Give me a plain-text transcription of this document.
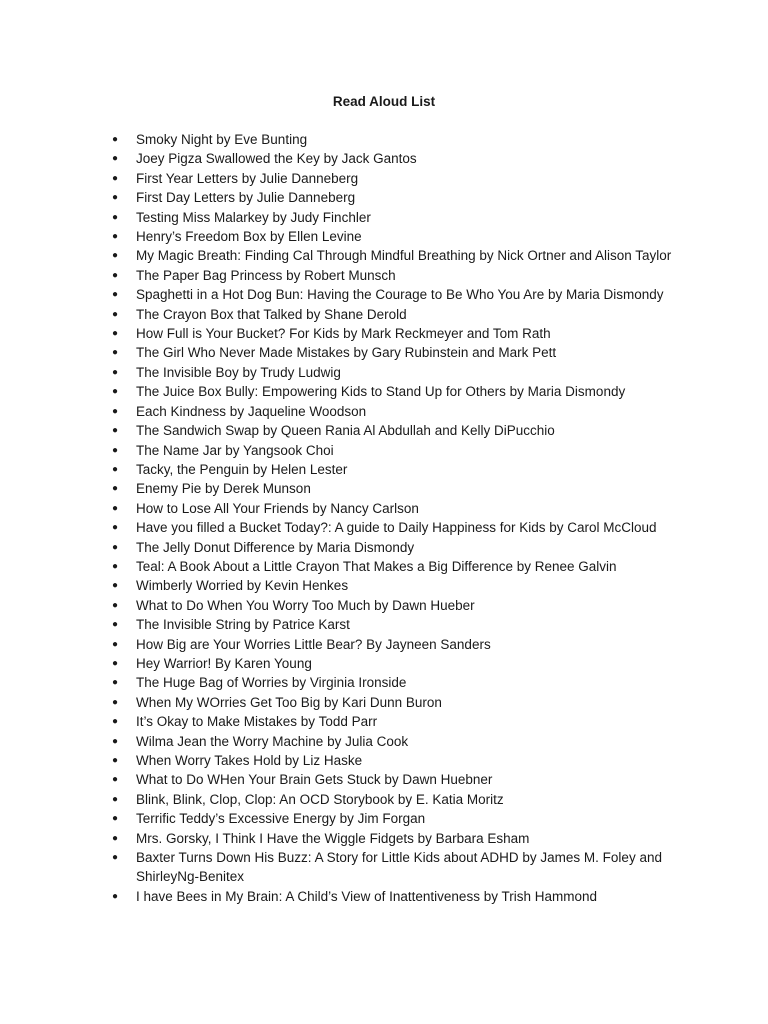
Read Aloud List
● Smoky Night by Eve Bunting
● Joey Pigza Swallowed the Key by Jack Gantos
● First Year Letters by Julie Danneberg
● First Day Letters by Julie Danneberg
● Testing Miss Malarkey by Judy Finchler
● Henry’s Freedom Box by Ellen Levine
● My Magic Breath: Finding Cal Through Mindful Breathing by Nick Ortner and Alison Taylor
● The Paper Bag Princess by Robert Munsch
● Spaghetti in a Hot Dog Bun: Having the Courage to Be Who You Are by Maria Dismondy
● The Crayon Box that Talked by Shane Derold
● How Full is Your Bucket? For Kids by Mark Reckmeyer and Tom Rath
● The Girl Who Never Made Mistakes by Gary Rubinstein and Mark Pett
● The Invisible Boy by Trudy Ludwig
● The Juice Box Bully: Empowering Kids to Stand Up for Others by Maria Dismondy
● Each Kindness by Jaqueline Woodson
● The Sandwich Swap by Queen Rania Al Abdullah and Kelly DiPucchio
● The Name Jar by Yangsook Choi
● Tacky, the Penguin by Helen Lester
● Enemy Pie by Derek Munson
● How to Lose All Your Friends by Nancy Carlson
● Have you filled a Bucket Today?: A guide to Daily Happiness for Kids by Carol McCloud
● The Jelly Donut Difference by Maria Dismondy
● Teal: A Book About a Little Crayon That Makes a Big Difference by Renee Galvin
● Wimberly Worried by Kevin Henkes
● What to Do When You Worry Too Much by Dawn Hueber
● The Invisible String by Patrice Karst
● How Big are Your Worries Little Bear? By Jayneen Sanders
● Hey Warrior! By Karen Young
● The Huge Bag of Worries by Virginia Ironside
● When My WOrries Get Too Big by Kari Dunn Buron
● It’s Okay to Make Mistakes by Todd Parr
● Wilma Jean the Worry Machine by Julia Cook
● When Worry Takes Hold by Liz Haske
● What to Do WHen Your Brain Gets Stuck by Dawn Huebner
● Blink, Blink, Clop, Clop: An OCD Storybook by E. Katia Moritz
● Terrific Teddy’s Excessive Energy by Jim Forgan
● Mrs. Gorsky, I Think I Have the Wiggle Fidgets by Barbara Esham
● Baxter Turns Down His Buzz: A Story for Little Kids about ADHD by James M. Foley and ShirleyNg-Benitex
● I have Bees in My Brain: A Child’s View of Inattentiveness by Trish Hammond
